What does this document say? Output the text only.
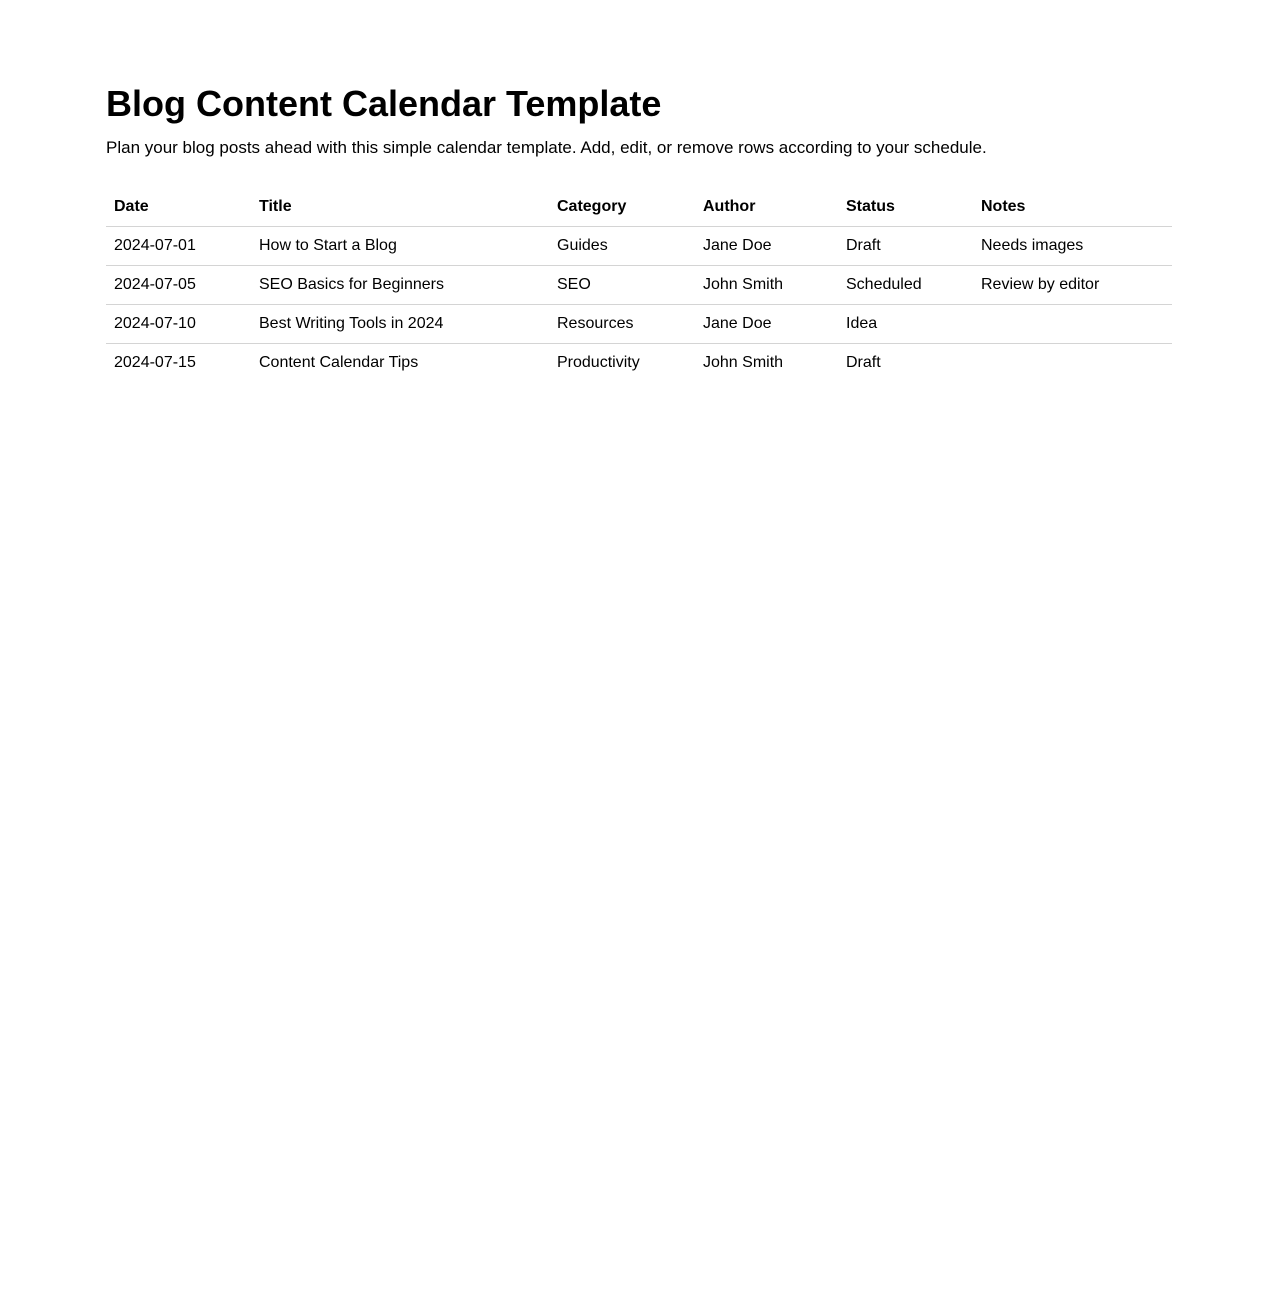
Blog Content Calendar Template

Plan your blog posts ahead with this simple calendar template. Add, edit, or remove rows according to your schedule.

Date	Title	Category	Author	Status	Notes
2024-07-01	How to Start a Blog	Guides	Jane Doe	Draft	Needs images
2024-07-05	SEO Basics for Beginners	SEO	John Smith	Scheduled	Review by editor
2024-07-10	Best Writing Tools in 2024	Resources	Jane Doe	Idea	
2024-07-15	Content Calendar Tips	Productivity	John Smith	Draft	
